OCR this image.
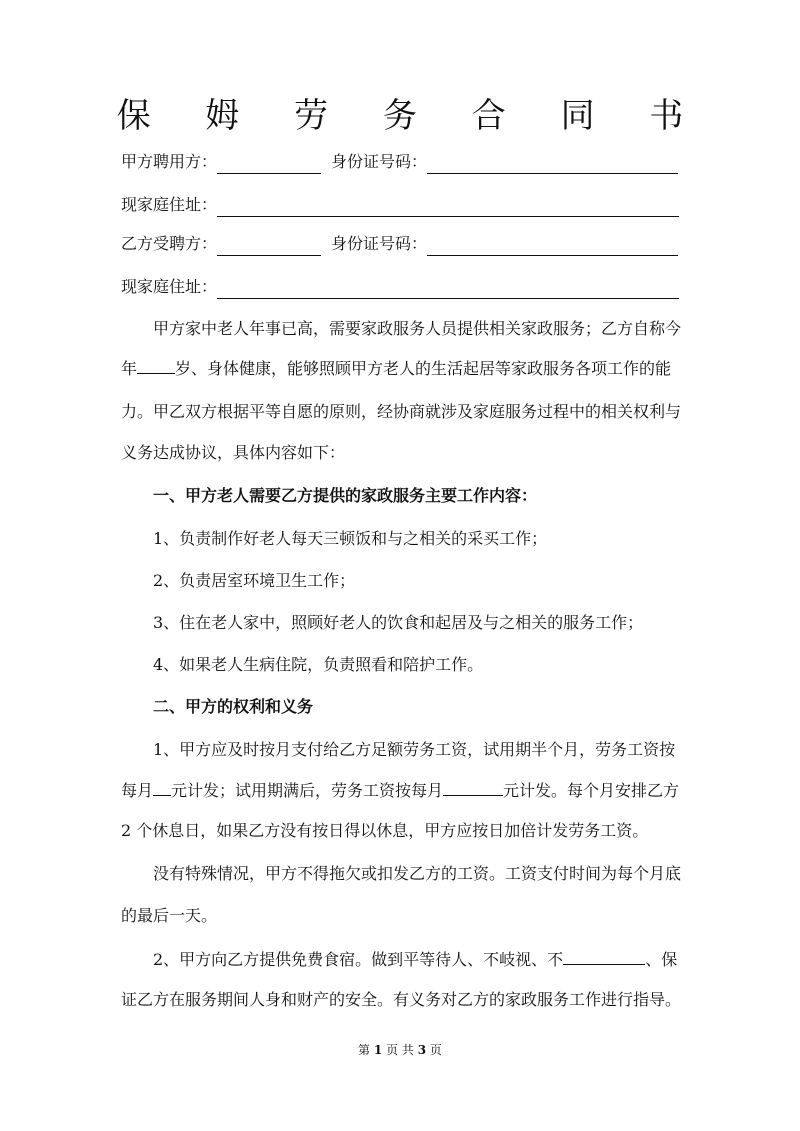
保 姆 劳 务 合 同 书
甲方聘用方：	身份证号码：
现家庭住址：
乙方受聘方：	身份证号码：
现家庭住址：
甲方家中老人年事已高，需要家政服务人员提供相关家政服务；乙方自称今
年 岁、身体健康，能够照顾甲方老人的生活起居等家政服务各项工作的能
力。甲乙双方根据平等自愿的原则，经协商就涉及家庭服务过程中的相关权利与
义务达成协议，具体内容如下：
一、甲方老人需要乙方提供的家政服务主要工作内容：
1、负责制作好老人每天三顿饭和与之相关的采买工作；
2、负责居室环境卫生工作；
3、住在老人家中，照顾好老人的饮食和起居及与之相关的服务工作；
4、如果老人生病住院，负责照看和陪护工作。
二、甲方的权利和义务
1、甲方应及时按月支付给乙方足额劳务工资，试用期半个月，劳务工资按
每月 元计发；试用期满后，劳务工资按每月	元计发。每个月安排乙方
2 个休息日，如果乙方没有按日得以休息，甲方应按日加倍计发劳务工资。
没有特殊情况，甲方不得拖欠或扣发乙方的工资。工资支付时间为每个月底
的最后一天。
2、甲方向乙方提供免费食宿。做到平等待人、不岐视、不	、保
证乙方在服务期间人身和财产的安全。有义务对乙方的家政服务工作进行指导。
第 1 页 共 3 页
